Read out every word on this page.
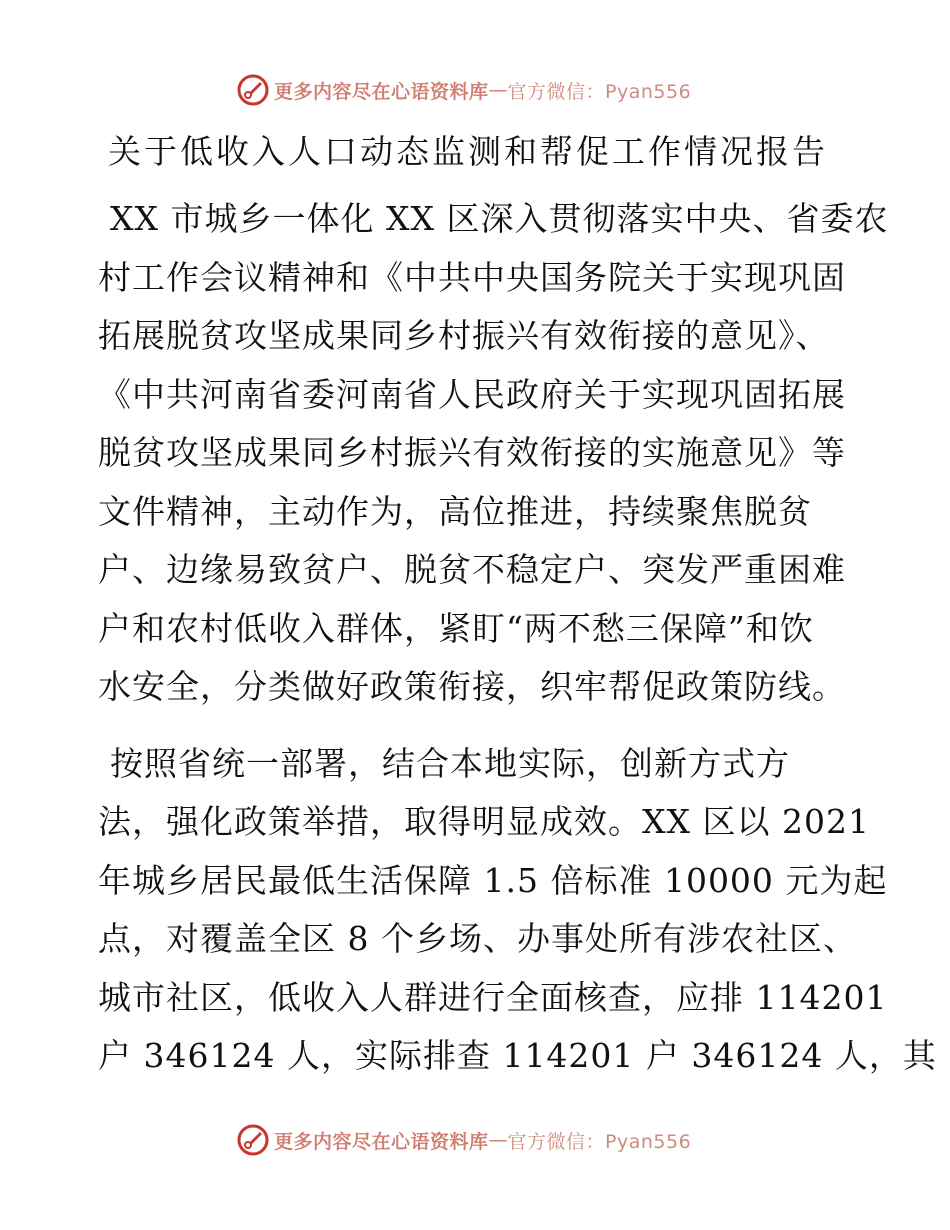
更多内容尽在心语资料库 — 官方微信：Pyan556
关于低收入人口动态监测和帮促工作情况报告

XX 市城乡一体化 XX 区深入贯彻落实中央、省委农

村工作会议精神和《中共中央国务院关于实现巩固

拓展脱贫攻坚成果同乡村振兴有效衔接的意见》、

《中共河南省委河南省人民政府关于实现巩固拓展

脱贫攻坚成果同乡村振兴有效衔接的实施意见》等

文件精神，主动作为，高位推进，持续聚焦脱贫

户、边缘易致贫户、脱贫不稳定户、突发严重困难

户和农村低收入群体，紧盯“两不愁三保障”和饮

水安全，分类做好政策衔接，织牢帮促政策防线。

按照省统一部署，结合本地实际，创新方式方

法，强化政策举措，取得明显成效。XX 区以 2021

年城乡居民最低生活保障 1.5 倍标准 10000 元为起

点，对覆盖全区 8 个乡场、办事处所有涉农社区、

城市社区，低收入人群进行全面核查，应排 114201

户 346124 人，实际排查 114201 户 346124 人，其

更多内容尽在心语资料库 — 官方微信：Pyan556
